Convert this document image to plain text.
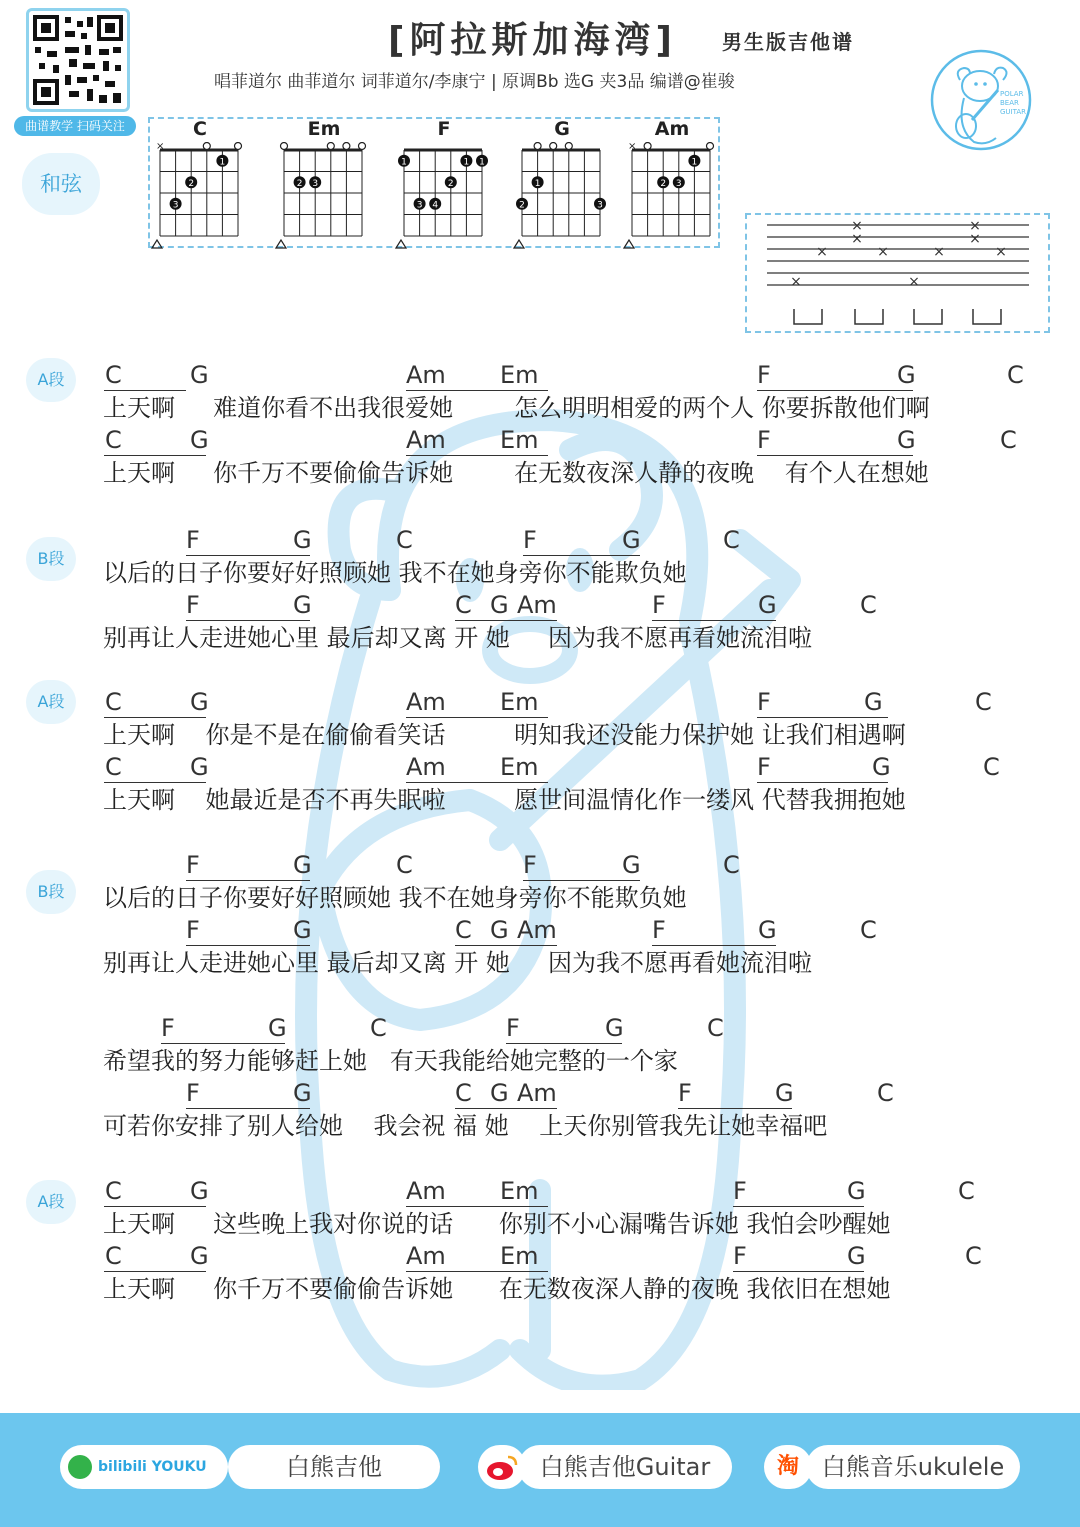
曲谱教学 扫码关注
[阿拉斯加海湾] 男生版吉他谱
唱菲道尔 曲菲道尔 词菲道尔/李康宁 | 原调Bb 选G 夹3品 编谱@崔骏
POLAR
BEAR
GUITAR
和弦
C
×
1
2
3
Em
2 3
F
1	1 1
2
3 4
G
1
2	3
Am
×
1
2 3
×
×
×
×
×
×
×
×
×
×
A段	C	G	Am Em	F	G	C
上天啊     难道你看不出我很爱她        怎么明明相爱的两个人 你要拆散他们啊
C	G	Am Em	F	G	C
上天啊     你千万不要偷偷告诉她        在无数夜深人静的夜晚    有个人在想她
B段
F	G	C	F	G	C
以后的日子你要好好照顾她 我不在她身旁你不能欺负她
F	G	C G Am	F	G	C
别再让人走进她心里 最后却又离 开 她     因为我不愿再看她流泪啦
A段	C	G	Am Em	F	G	C
上天啊    你是不是在偷偷看笑话         明知我还没能力保护她 让我们相遇啊
C	G	Am Em	F	G	C
上天啊    她最近是否不再失眠啦         愿世间温情化作一缕风 代替我拥抱她
B段
F	G	C	F	G	C
以后的日子你要好好照顾她 我不在她身旁你不能欺负她
F	G	C G Am	F	G	C
别再让人走进她心里 最后却又离 开 她     因为我不愿再看她流泪啦
F	G	C	F	G	C
希望我的努力能够赶上她   有天我能给她完整的一个家
F	G	C G Am	F	G	C
可若你安排了别人给她    我会祝 福 她    上天你别管我先让她幸福吧
A段	C	G	Am Em	F	G	C
上天啊     这些晚上我对你说的话      你别不小心漏嘴告诉她 我怕会吵醒她
C	G	Am Em	F	G	C
上天啊     你千万不要偷偷告诉她      在无数夜深人静的夜晚 我依旧在想她
bilibili YOUKU	白熊吉他	白熊吉他Guitar	淘 白熊音乐ukulele
